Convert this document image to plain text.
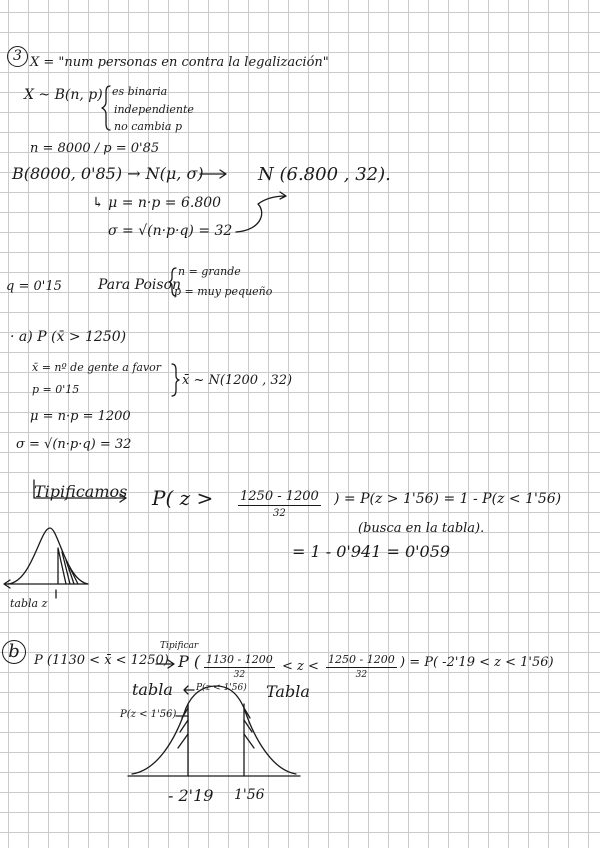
3 X = "num personas en contra la legalización"
X ~ B(n, p) es binaria
independiente
no cambia p
n = 8000 / p = 0'85
B(8000, 0'85) → N(μ, σ)	N (6.800 , 32).
↳ μ = n·p = 6.800
σ = √(n·p·q) = 32
q = 0'15	Para Poison
n = grande
p = muy pequeño
· a) P (x̄ > 1250)
x̄ = nº de gente a favor
p = 0'15
x̄ ~ N(1200 , 32)
μ = n·p = 1200
σ = √(n·p·q) = 32
Tipificamos P( z > 1250 - 1200
32
) = P(z > 1'56) = 1 - P(z < 1'56)
(busca en la tabla).
= 1 - 0'941 = 0'059
tabla z
b	P (1130 < x̄ < 1250)
Tipificar
P ( 1130 - 1200
32
< z < 1250 - 1200
32
) = P( -2'19 < z < 1'56)
tabla	P(z < 1'56) Tabla
P(z < 1'56)
- 2'19 1'56
